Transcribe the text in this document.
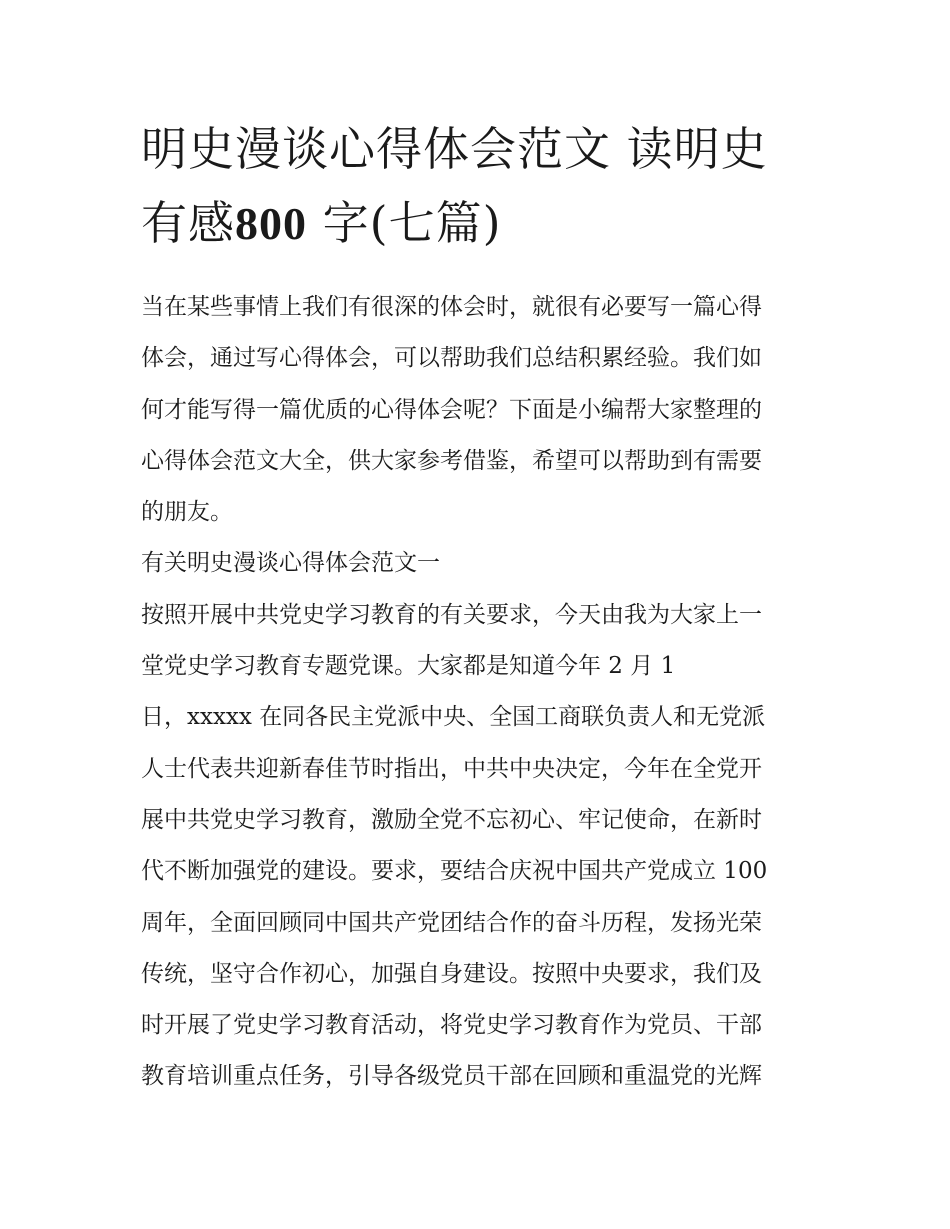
明史漫谈心得体会范文 读明史
有感800 字(七篇)
当在某些事情上我们有很深的体会时，就很有必要写一篇心得
体会，通过写心得体会，可以帮助我们总结积累经验。我们如
何才能写得一篇优质的心得体会呢？下面是小编帮大家整理的
心得体会范文大全，供大家参考借鉴，希望可以帮助到有需要
的朋友。
有关明史漫谈心得体会范文一
按照开展中共党史学习教育的有关要求，今天由我为大家上一
堂党史学习教育专题党课。大家都是知道今年 2 月 1
日，xxxxx 在同各民主党派中央、全国工商联负责人和无党派
人士代表共迎新春佳节时指出，中共中央决定，今年在全党开
展中共党史学习教育，激励全党不忘初心、牢记使命，在新时
代不断加强党的建设。要求，要结合庆祝中国共产党成立 100
周年，全面回顾同中国共产党团结合作的奋斗历程，发扬光荣
传统，坚守合作初心，加强自身建设。按照中央要求，我们及
时开展了党史学习教育活动，将党史学习教育作为党员、干部
教育培训重点任务，引导各级党员干部在回顾和重温党的光辉
